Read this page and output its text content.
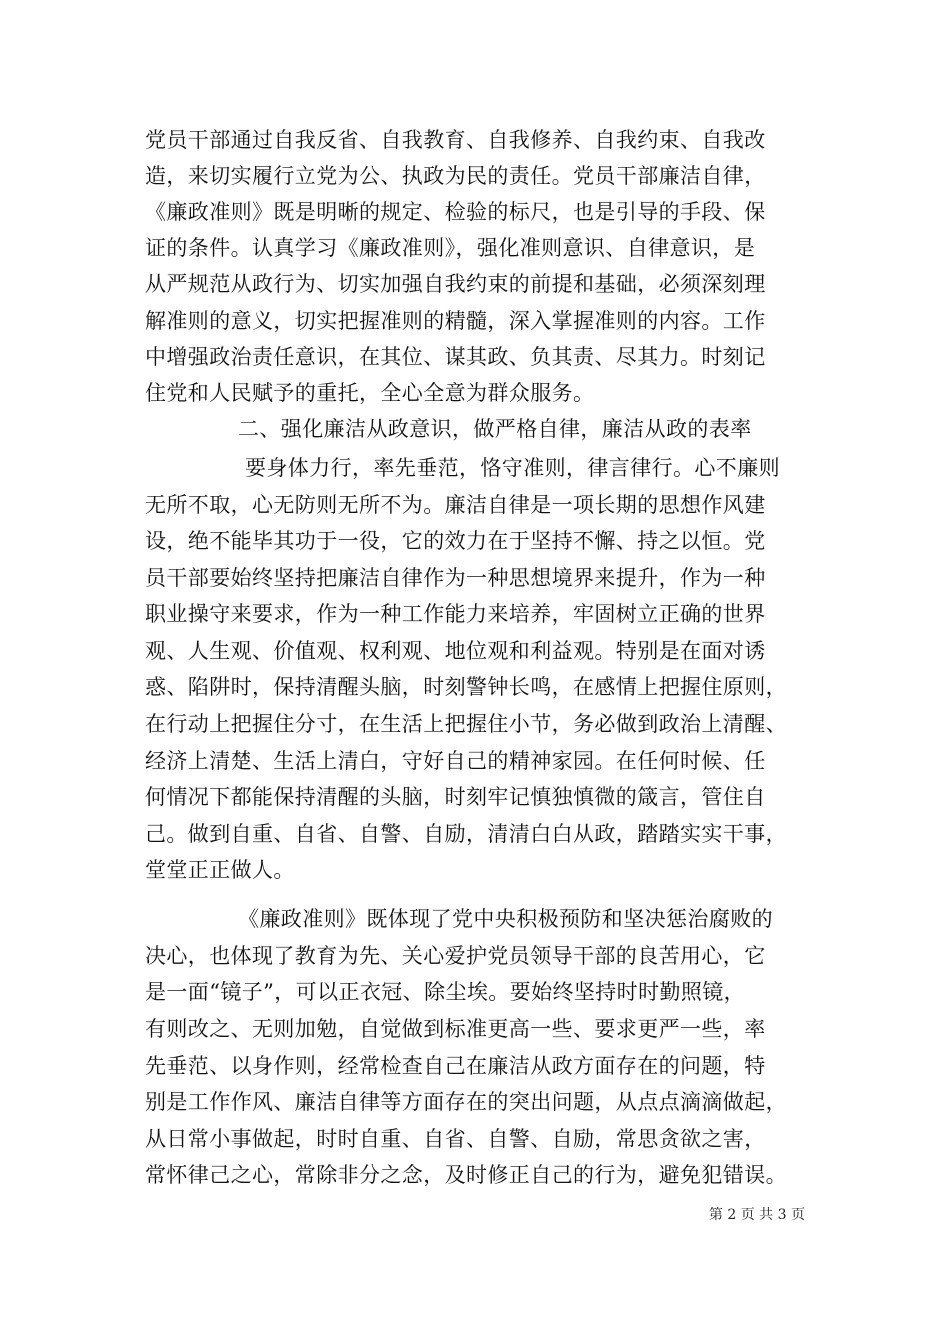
党员干部通过自我反省、自我教育、自我修养、自我约束、自我改
造，来切实履行立党为公、执政为民的责任。党员干部廉洁自律，
《廉政准则》既是明晰的规定、检验的标尺，也是引导的手段、保
证的条件。认真学习《廉政准则》，强化准则意识、自律意识，是
从严规范从政行为、切实加强自我约束的前提和基础，必须深刻理
解准则的意义，切实把握准则的精髓，深入掌握准则的内容。工作
中增强政治责任意识，在其位、谋其政、负其责、尽其力。时刻记
住党和人民赋予的重托，全心全意为群众服务。
二、强化廉洁从政意识，做严格自律，廉洁从政的表率
要身体力行，率先垂范，恪守准则，律言律行。心不廉则
无所不取，心无防则无所不为。廉洁自律是一项长期的思想作风建
设，绝不能毕其功于一役，它的效力在于坚持不懈、持之以恒。党
员干部要始终坚持把廉洁自律作为一种思想境界来提升，作为一种
职业操守来要求，作为一种工作能力来培养，牢固树立正确的世界
观、人生观、价值观、权利观、地位观和利益观。特别是在面对诱
惑、陷阱时，保持清醒头脑，时刻警钟长鸣，在感情上把握住原则，
在行动上把握住分寸，在生活上把握住小节，务必做到政治上清醒、
经济上清楚、生活上清白，守好自己的精神家园。在任何时候、任
何情况下都能保持清醒的头脑，时刻牢记慎独慎微的箴言，管住自
己。做到自重、自省、自警、自励，清清白白从政，踏踏实实干事，
堂堂正正做人。
《廉政准则》既体现了党中央积极预防和坚决惩治腐败的
决心，也体现了教育为先、关心爱护党员领导干部的良苦用心，它
是一面“镜子”，可以正衣冠、除尘埃。要始终坚持时时勤照镜，
有则改之、无则加勉，自觉做到标准更高一些、要求更严一些，率
先垂范、以身作则，经常检查自己在廉洁从政方面存在的问题，特
别是工作作风、廉洁自律等方面存在的突出问题，从点点滴滴做起，
从日常小事做起，时时自重、自省、自警、自励，常思贪欲之害，
常怀律己之心，常除非分之念，及时修正自己的行为，避免犯错误。
第 2 页 共 3 页
